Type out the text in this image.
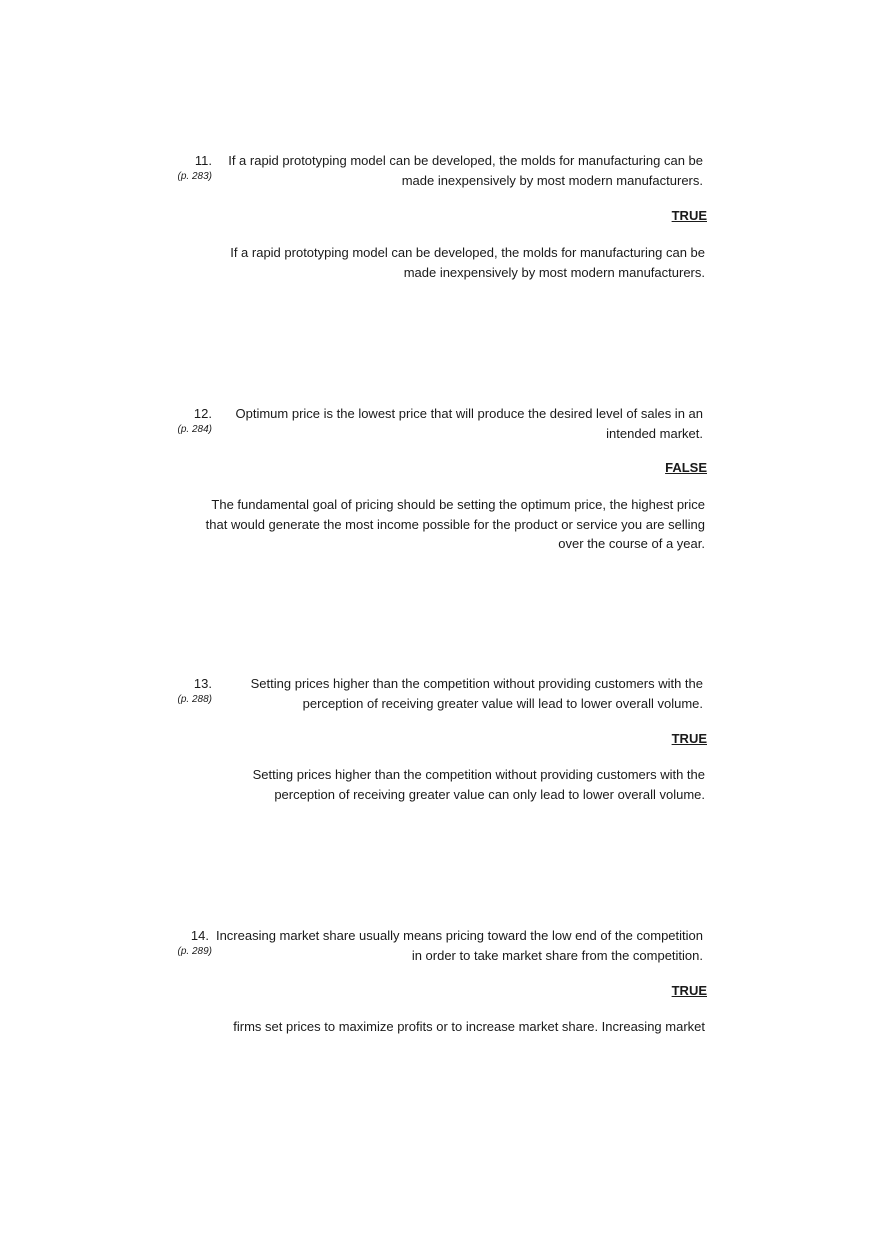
11.
(p. 283)
If a rapid prototyping model can be developed, the molds for manufacturing can be made inexpensively by most modern manufacturers.
TRUE
If a rapid prototyping model can be developed, the molds for manufacturing can be made inexpensively by most modern manufacturers.
12.
(p. 284)
Optimum price is the lowest price that will produce the desired level of sales in an intended market.
FALSE
The fundamental goal of pricing should be setting the optimum price, the highest price that would generate the most income possible for the product or service you are selling over the course of a year.
13.
(p. 288)
Setting prices higher than the competition without providing customers with the perception of receiving greater value will lead to lower overall volume.
TRUE
Setting prices higher than the competition without providing customers with the perception of receiving greater value can only lead to lower overall volume.
14.
(p. 289)
Increasing market share usually means pricing toward the low end of the competition in order to take market share from the competition.
TRUE
firms set prices to maximize profits or to increase market share. Increasing market
